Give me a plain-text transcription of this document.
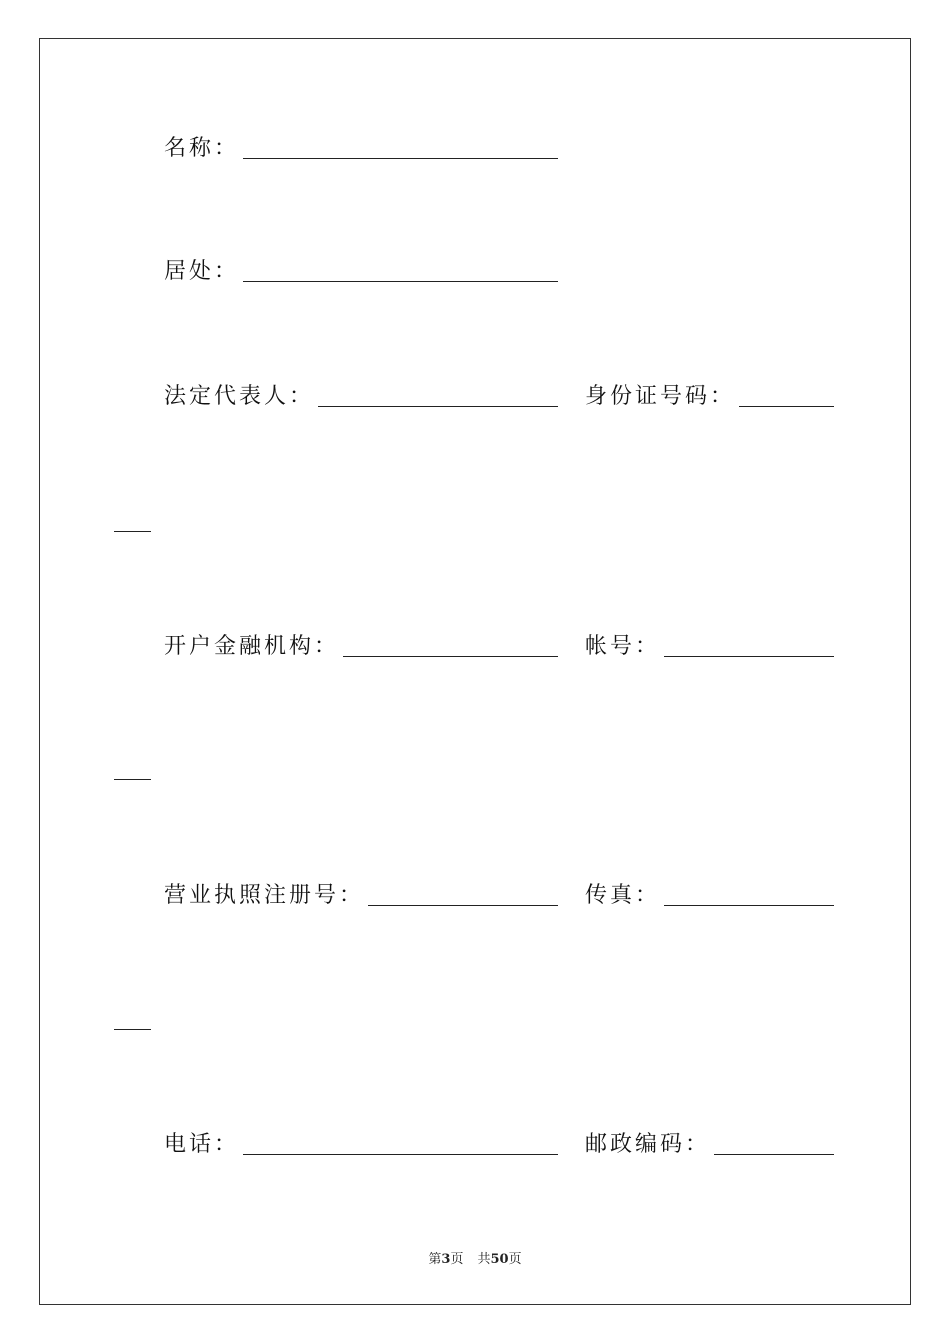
名称：
居处：
法定代表人：	身份证号码：
开户金融机构：	帐号：
营业执照注册号：	传真：
电话：	邮政编码：
第3页 共50页
